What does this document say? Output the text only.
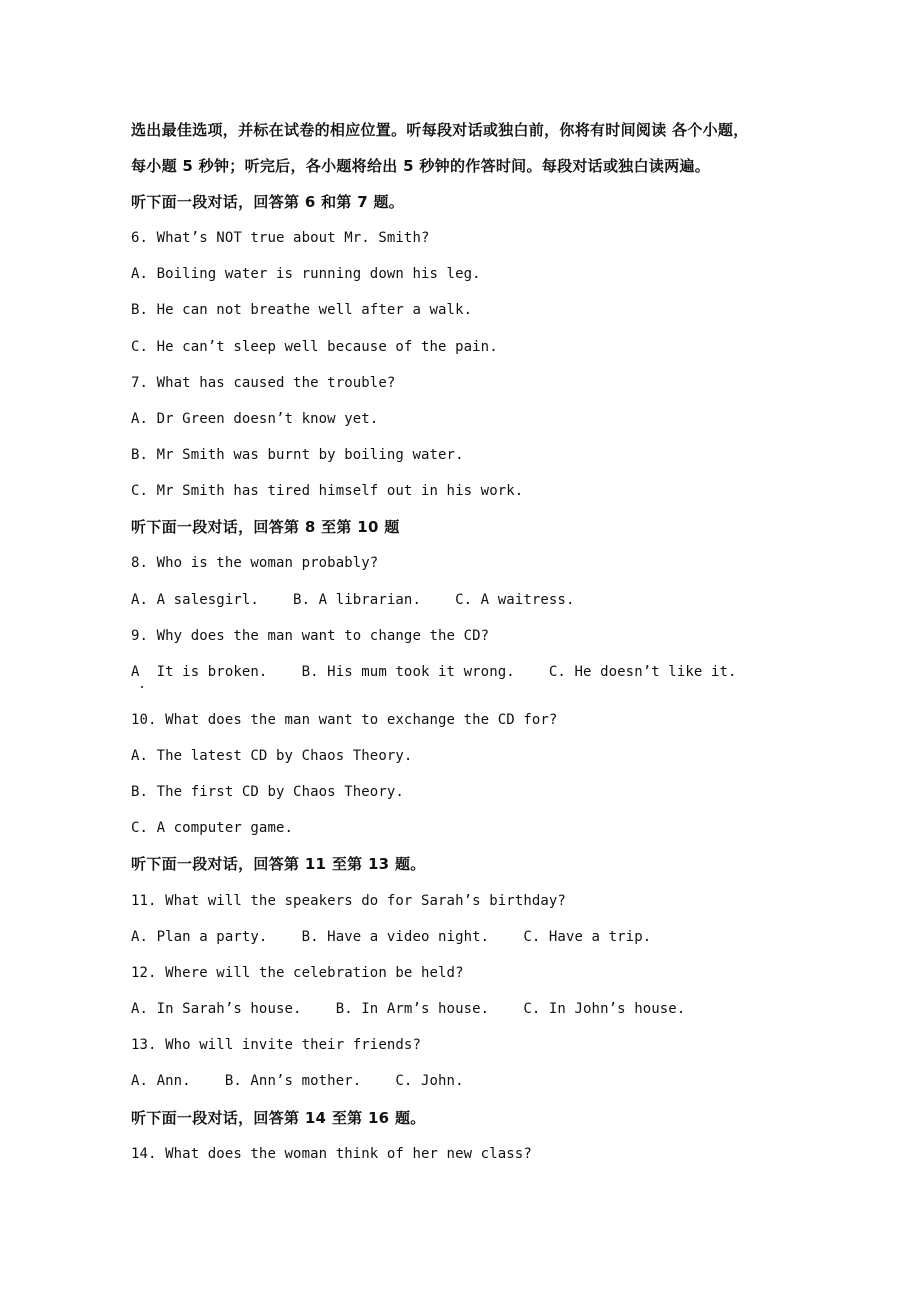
选出最佳选项，并标在试卷的相应位置。听每段对话或独白前，你将有时间阅读 各个小题，
每小题 5 秒钟；听完后，各小题将给出 5 秒钟的作答时间。每段对话或独白读两遍。
听下面一段对话，回答第 6 和第 7 题。
6. What’s NOT true about Mr. Smith?
A. Boiling water is running down his leg.
B. He can not breathe well after a walk.
C. He can’t sleep well because of the pain.
7. What has caused the trouble?
A. Dr Green doesn’t know yet.
B. Mr Smith was burnt by boiling water.
C. Mr Smith has tired himself out in his work.
听下面一段对话，回答第 8 至第 10 题
8. Who is the woman probably?
A. A salesgirl.    B. A librarian.    C. A waitress.
9. Why does the man want to change the CD?
A  It is broken.    B. His mum took it wrong.    C. He doesn’t like it.
10. What does the man want to exchange the CD for?
A. The latest CD by Chaos Theory.
B. The first CD by Chaos Theory.
C. A computer game.
听下面一段对话，回答第 11 至第 13 题。
11. What will the speakers do for Sarah’s birthday?
A. Plan a party.    B. Have a video night.    C. Have a trip.
12. Where will the celebration be held?
A. In Sarah’s house.    B. In Arm’s house.    C. In John’s house.
13. Who will invite their friends?
A. Ann.    B. Ann’s mother.    C. John.
听下面一段对话，回答第 14 至第 16 题。
14. What does the woman think of her new class?
